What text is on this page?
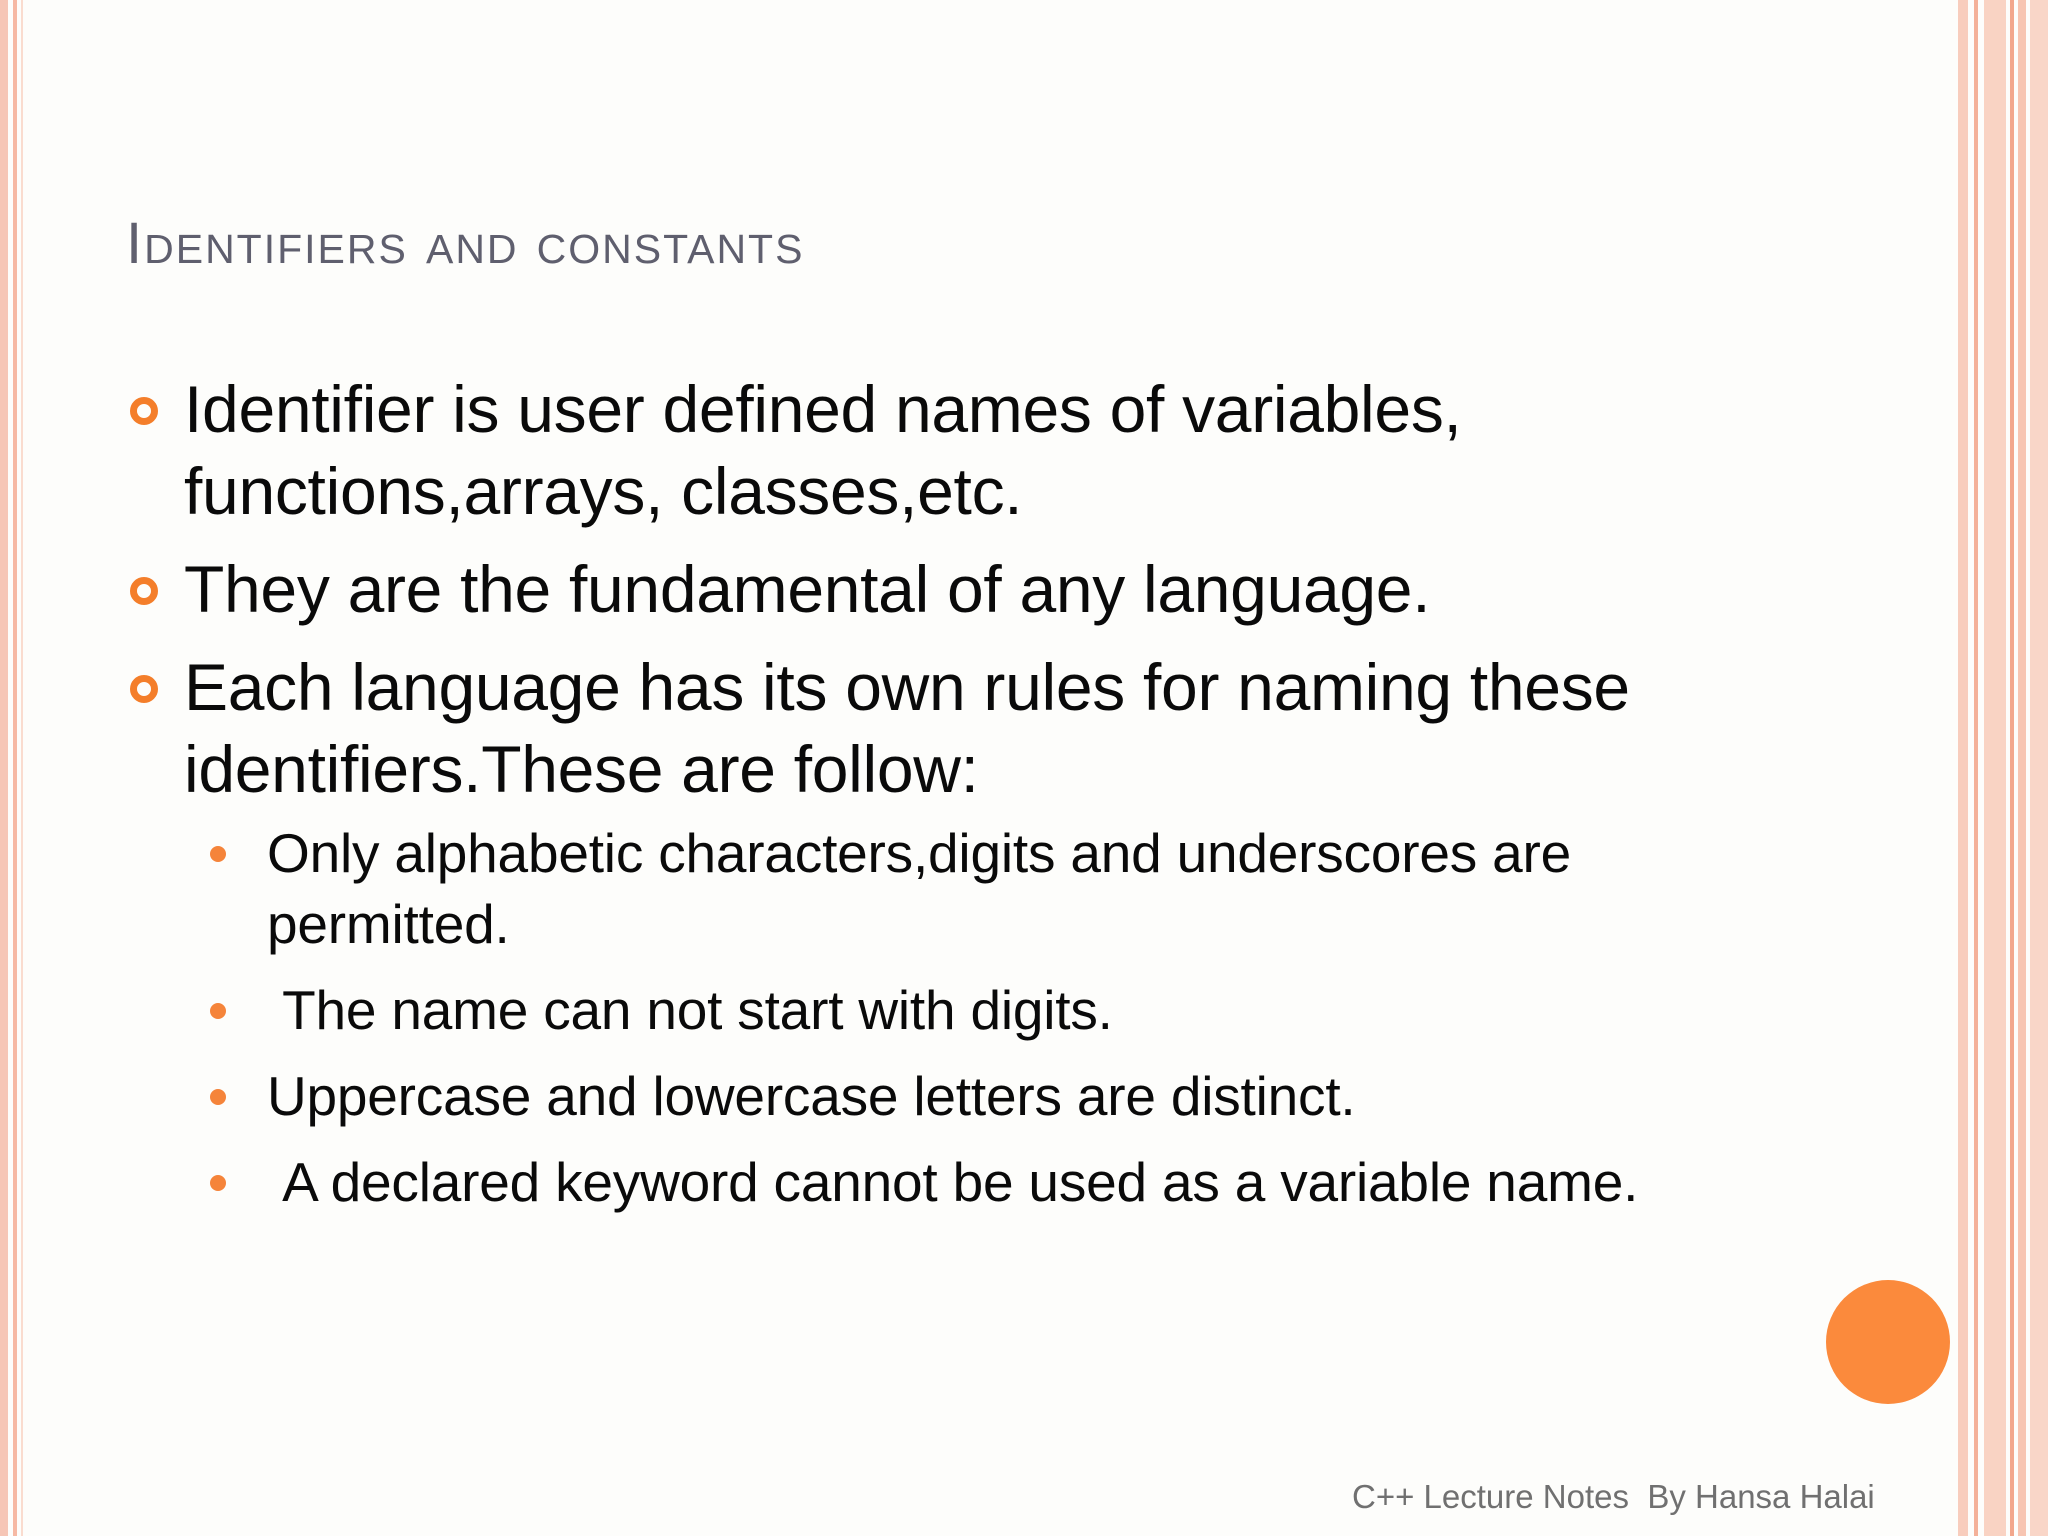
Identifiers and constants
Identifier is user defined names of variables, functions,arrays, classes,etc.
They are the fundamental of any language.
Each language has its own rules for naming these identifiers.These are follow:
Only alphabetic characters,digits and underscores are permitted.
The name can not start with digits.
Uppercase and lowercase letters are distinct.
A declared keyword cannot be used as a variable name.
C++ Lecture Notes  By Hansa Halai
